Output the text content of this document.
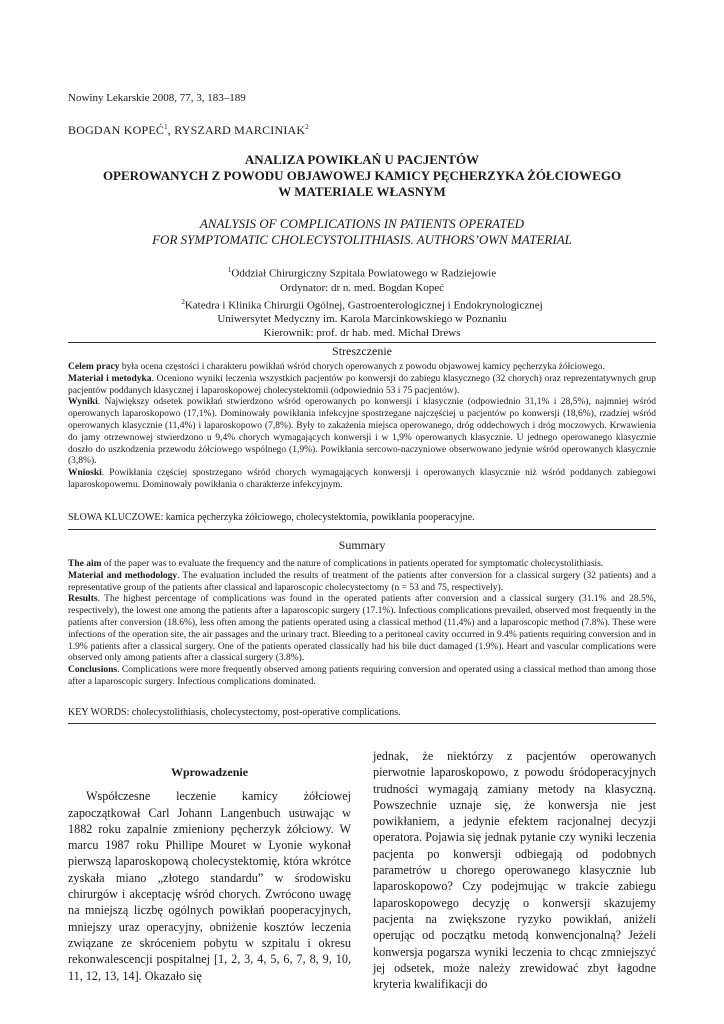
Nowiny Lekarskie 2008, 77, 3, 183–189
BOGDAN KOPEĆ$^1$, RYSZARD MARCINIAK$^2$
ANALIZA POWIKŁAŃ U PACJENTÓW
OPEROWANYCH Z POWODU OBJAWOWEJ KAMICY PĘCHERZYKA ŻÓŁCIOWEGO
W MATERIALE WŁASNYM
ANALYSIS OF COMPLICATIONS IN PATIENTS OPERATED
FOR SYMPTOMATIC CHOLECYSTOLITHIASIS. AUTHORS’OWN MATERIAL
$^1$Oddział Chirurgiczny Szpitala Powiatowego w Radziejowie
Ordynator: dr n. med. Bogdan Kopeć
$^2$Katedra i Klinika Chirurgii Ogólnej, Gastroenterologicznej i Endokrynologicznej
Uniwersytet Medyczny im. Karola Marcinkowskiego w Poznaniu
Kierownik: prof. dr hab. med. Michał Drews
Streszczenie

Celem pracy była ocena częstości i charakteru powikłań wśród chorych operowanych z powodu objawowej kamicy pęcherzyka żółciowego.

Materiał i metodyka. Oceniono wyniki leczenia wszystkich pacjentów po konwersji do zabiegu klasycznego (32 chorych) oraz reprezentatywnych grup pacjentów poddanych klasycznej i laparoskopowej cholecystektomii (odpowiednio 53 i 75 pacjentów).

Wyniki. Największy odsetek powikłań stwierdzono wśród operowanych po konwersji i klasycznie (odpowiednio 31,1% i 28,5%), najmniej wśród operowanych laparoskopowo (17,1%). Dominowały powikłania infekcyjne spostrzegane najczęściej u pacjentów po konwersji (18,6%), rzadziej wśród operowanych klasycznie (11,4%) i laparoskopowo (7,8%). Były to zakażenia miejsca operowanego, dróg oddechowych i dróg moczowych. Krwawienia do jamy otrzewnowej stwierdzono u 9,4% chorych wymagających konwersji i w 1,9% operowanych klasycznie. U jednego operowanego klasycznie doszło do uszkodzenia przewodu żółciowego wspólnego (1,9%). Powikłania sercowo-naczyniowe obserwowano jedynie wśród operowanych klasycznie (3,8%).

Wnioski. Powikłania częściej spostrzegano wśród chorych wymagających konwersji i operowanych klasycznie niż wśród poddanych zabiegowi laparoskopowemu. Dominowały powikłania o charakterze infekcyjnym.

SŁOWA KLUCZOWE: kamica pęcherzyka żółciowego, cholecystektomia, powikłania pooperacyjne.
Summary

The aim of the paper was to evaluate the frequency and the nature of complications in patients operated for symptomatic cholecystolithiasis.

Material and methodology. The evaluation included the results of treatment of the patients after conversion for a classical surgery (32 patients) and a representative group of the patients after classical and laparoscopic cholecystectomy (n = 53 and 75, respectively).

Results. The highest percentage of complications was found in the operated patients after conversion and a classical surgery (31.1% and 28.5%, respectively), the lowest one among the patients after a laparoscopic surgery (17.1%). Infectious complications prevailed, observed most frequently in the patients after conversion (18.6%), less often among the patients operated using a classical method (11.4%) and a laparoscopic method (7.8%). These were infections of the operation site, the air passages and the urinary tract. Bleeding to a peritoneal cavity occurred in 9.4% patients requiring conversion and in 1.9% patients after a classical surgery. One of the patients operated classically had his bile duct damaged (1.9%). Heart and vascular complications were observed only among patients after a classical surgery (3.8%).

Conclusions. Complications were more frequently observed among patients requiring conversion and operated using a classical method than among those after a laparoscopic surgery. Infectious complications dominated.

KEY WORDS: cholecystolithiasis, cholecystectomy, post-operative complications.
Wprowadzenie

Współczesne leczenie kamicy żółciowej zapoczątkował Carl Johann Langenbuch usuwając w 1882 roku zapalnie zmieniony pęcherzyk żółciowy. W marcu 1987 roku Phillipe Mouret w Lyonie wykonał pierwszą laparoskopową cholecystektomię, która wkrótce zyskała miano „złotego standardu” w środowisku chirurgów i akceptację wśród chorych. Zwrócono uwagę na mniejszą liczbę ogólnych powikłań pooperacyjnych, mniejszy uraz operacyjny, obniżenie kosztów leczenia związane ze skróceniem pobytu w szpitalu i okresu rekonwalescencji pospitalnej [1, 2, 3, 4, 5, 6, 7, 8, 9, 10, 11, 12, 13, 14]. Okazało się

jednak, że niektórzy z pacjentów operowanych pierwotnie laparoskopowo, z powodu śródoperacyjnych trudności wymagają zamiany metody na klasyczną. Powszechnie uznaje się, że konwersja nie jest powikłaniem, a jedynie efektem racjonalnej decyzji operatora. Pojawia się jednak pytanie czy wyniki leczenia pacjenta po konwersji odbiegają od podobnych parametrów u chorego operowanego klasycznie lub laparoskopowo? Czy podejmując w trakcie zabiegu laparoskopowego decyzję o konwersji skazujemy pacjenta na zwiększone ryzyko powikłań, aniżeli operując od początku metodą konwencjonalną? Jeżeli konwersja pogarsza wyniki leczenia to chcąc zmniejszyć jej odsetek, może należy zrewidować zbyt łagodne kryteria kwalifikacji do
